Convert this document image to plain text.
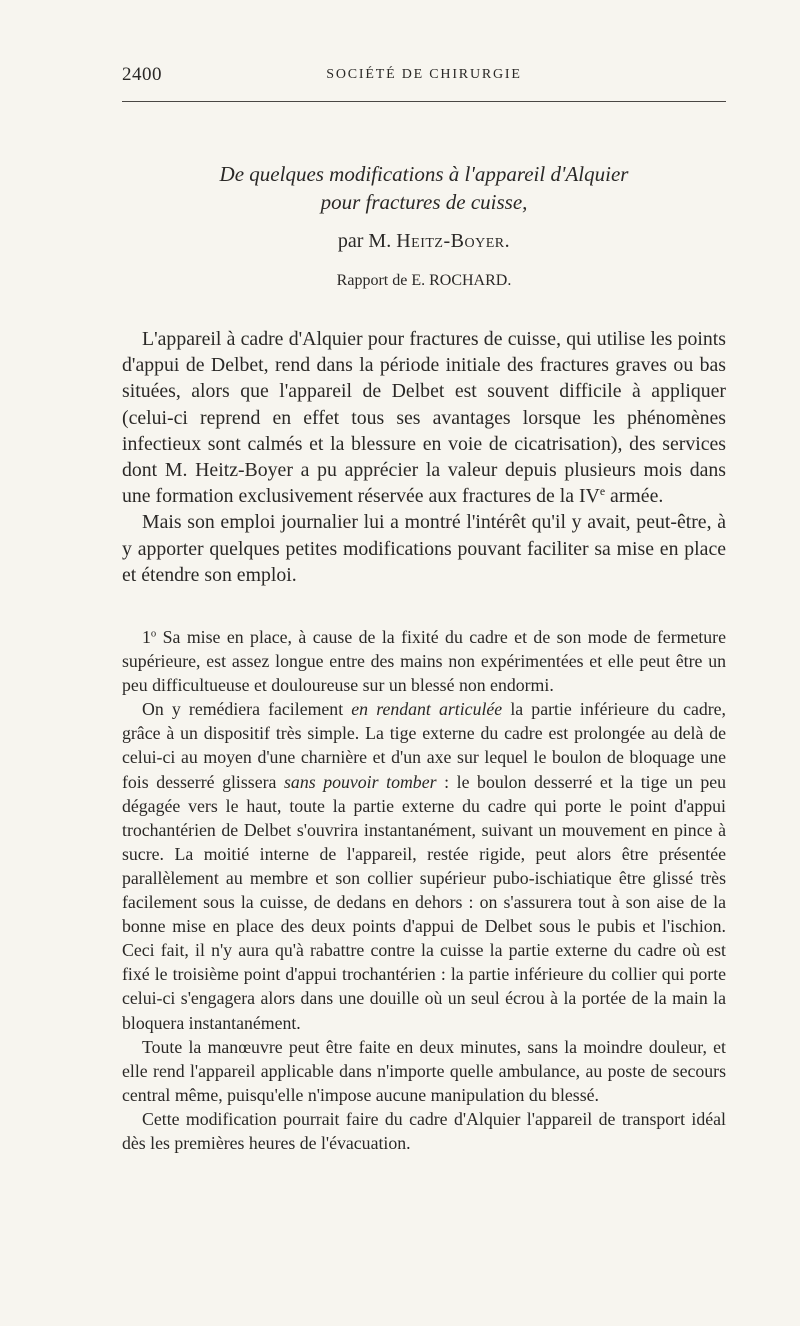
2400	SOCIÉTÉ DE CHIRURGIE
De quelques modifications à l'appareil d'Alquier
pour fractures de cuisse,
par M. Heitz-Boyer.
Rapport de E. ROCHARD.

L'appareil à cadre d'Alquier pour fractures de cuisse, qui utilise les points d'appui de Delbet, rend dans la période initiale des fractures graves ou bas situées, alors que l'appareil de Delbet est souvent difficile à appliquer (celui-ci reprend en effet tous ses avantages lorsque les phénomènes infectieux sont calmés et la blessure en voie de cicatrisation), des services dont M. Heitz-Boyer a pu apprécier la valeur depuis plusieurs mois dans une formation exclusivement réservée aux fractures de la IVe armée.

Mais son emploi journalier lui a montré l'intérêt qu'il y avait, peut-être, à y apporter quelques petites modifications pouvant faciliter sa mise en place et étendre son emploi.

1$^o$ Sa mise en place, à cause de la fixité du cadre et de son mode de fermeture supérieure, est assez longue entre des mains non expérimentées et elle peut être un peu difficultueuse et douloureuse sur un blessé non endormi.

On y remédiera facilement en rendant articulée la partie inférieure du cadre, grâce à un dispositif très simple. La tige externe du cadre est prolongée au delà de celui-ci au moyen d'une charnière et d'un axe sur lequel le boulon de bloquage une fois desserré glissera sans pouvoir tomber : le boulon desserré et la tige un peu dégagée vers le haut, toute la partie externe du cadre qui porte le point d'appui trochantérien de Delbet s'ouvrira instantanément, suivant un mouvement en pince à sucre. La moitié interne de l'appareil, restée rigide, peut alors être présentée parallèlement au membre et son collier supérieur pubo-ischiatique être glissé très facilement sous la cuisse, de dedans en dehors : on s'assurera tout à son aise de la bonne mise en place des deux points d'appui de Delbet sous le pubis et l'ischion. Ceci fait, il n'y aura qu'à rabattre contre la cuisse la partie externe du cadre où est fixé le troisième point d'appui trochantérien : la partie inférieure du collier qui porte celui-ci s'engagera alors dans une douille où un seul écrou à la portée de la main la bloquera instantanément.

Toute la manœuvre peut être faite en deux minutes, sans la moindre douleur, et elle rend l'appareil applicable dans n'importe quelle ambulance, au poste de secours central même, puisqu'elle n'impose aucune manipulation du blessé.

Cette modification pourrait faire du cadre d'Alquier l'appareil de transport idéal dès les premières heures de l'évacuation.
